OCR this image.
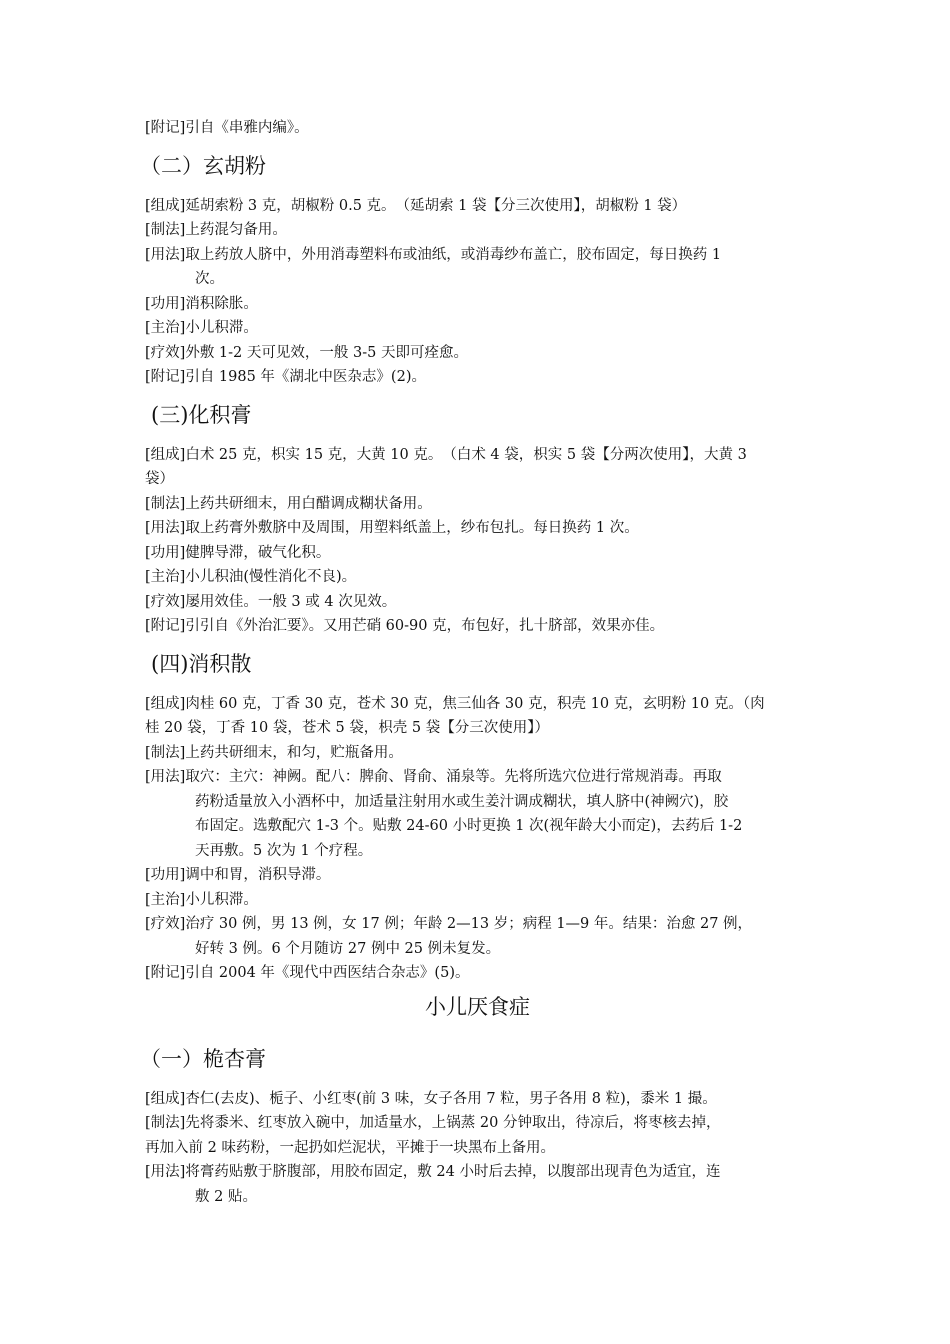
[附记]引自《串雅内编》。
（二）玄胡粉
[组成]延胡索粉 3 克，胡椒粉 0.5 克。　（延胡索 1 袋【分三次使用】，胡椒粉 1 袋）
[制法]上药混匀备用。
[用法]取上药放人脐中，外用消毒塑料布或油纸，或消毒纱布盖亡，胶布固定，每日换药 1
次。
[功用]消积除胀。
[主治]小儿积滞。
[疗效]外敷 1-2 天可见效，一般 3-5 天即可痊愈。
[附记]引自 1985 年《湖北中医杂志》(2)。
(三)化积膏
[组成]白术 25 克，枳实 15 克，大黄 10 克。　（白术 4 袋，枳实 5 袋【分两次使用】，大黄 3
袋）
[制法]上药共研细末，用白醋调成糊状备用。
[用法]取上药膏外敷脐中及周围，用塑料纸盖上，纱布包扎。每日换药 1 次。
[功用]健脾导滞，破气化积。
[主治]小儿积油(慢性消化不良)。
[疗效]屡用效佳。一般 3 或 4 次见效。
[附记]引引自《外治汇要》。又用芒硝 60-90 克，布包好，扎十脐部，效果亦佳。
(四)消积散
[组成]肉桂 60 克，丁香 30 克，苍术 30 克，焦三仙各 30 克，积壳 10 克，玄明粉 10 克。（肉
桂 20 袋，丁香 10 袋，苍术 5 袋，枳壳 5 袋【分三次使用】）
[制法]上药共研细末，和匀，贮瓶备用。
[用法]取穴：主穴：神阙。配八：脾俞、肾俞、涌泉等。先将所选穴位进行常规消毒。再取
药粉适量放入小酒杯中，加适量注射用水或生姜汁调成糊状，填人脐中(神阙穴)，胶
布固定。选敷配穴 1-3 个。贴敷 24-60 小时更换 1 次(视年龄大小而定)，去药后 1-2
天再敷。5 次为 1 个疗程。
[功用]调中和胃，消积导滞。
[主治]小儿积滞。
[疗效]治疗 30 例，男 13 例，女 17 例；年龄 2—13 岁；病程 1—9 年。结果：治愈 27 例，
好转 3 例。6 个月随访 27 例中 25 例未复发。
[附记]引自 2004 年《现代中西医结合杂志》(5)。
小儿厌食症
（一）桅杏膏
[组成]杏仁(去皮)、栀子、小红枣(前 3 味，女子各用 7 粒，男子各用 8 粒)，黍米 1 撮。
[制法]先将黍米、红枣放入碗中，加适量水，上锅蒸 20 分钟取出，待凉后，将枣核去掉，
再加入前 2 味药粉，一起扔如烂泥状，平摊于一块黑布上备用。
[用法]将膏药贴敷于脐腹部，用胶布固定，敷 24 小时后去掉，以腹部出现青色为适宜，连
敷 2 贴。
